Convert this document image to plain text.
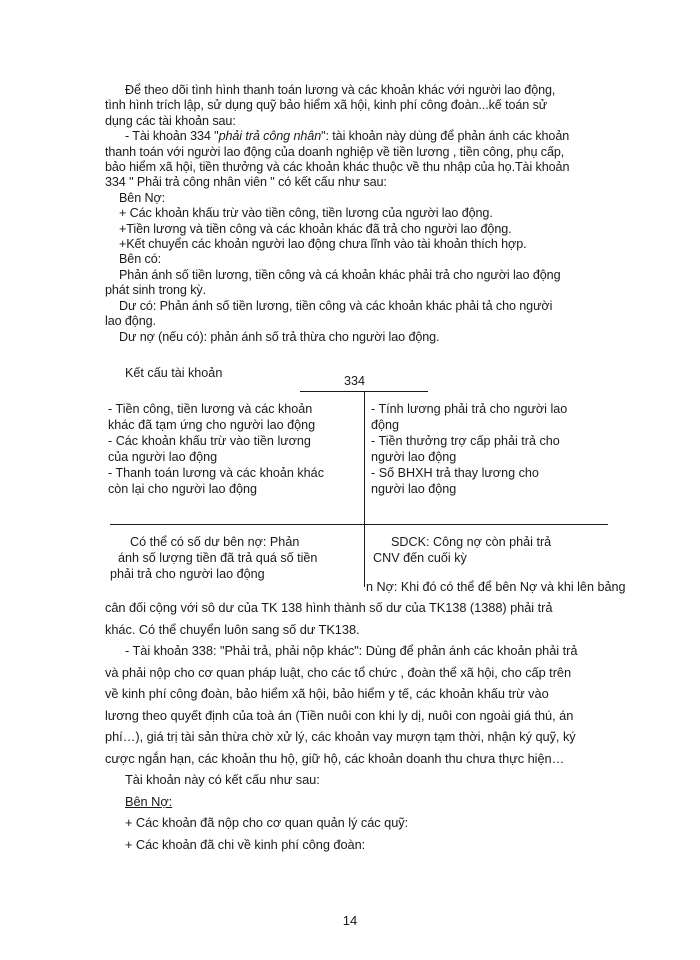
Để theo dõi tình hình thanh toán lương và các khoản khác với người lao động,
tình hình trích lập, sử dụng quỹ bảo hiểm xã hội, kinh phí công đoàn...kế toán sử
dụng các tài khoản sau:
- Tài khoản 334 "phải trả công nhân": tài khoản này dùng để phản ánh các khoản
thanh toán với người lao động của doanh nghiệp về tiền lương , tiền công, phụ cấp,
bảo hiểm xã hội, tiền thưởng và các khoản khác thuộc về thu nhập của họ.Tài khoản
334 " Phải trả công nhân viên " có kết cấu như sau:
Bên Nợ:
+ Các khoản khấu trừ vào tiền công, tiền lương của người lao động.
+Tiền lương và tiền công và các khoản khác đã trả cho người lao động.
+Kết chuyển các khoản người lao động chưa lĩnh vào tài khoản thích hợp.
Bên có:
Phản ánh số tiền lương, tiền công và cá khoản khác phải trả cho người lao động
phát sinh trong kỳ.
Dư có: Phản ánh số tiền lương, tiền công và các khoản khác phải tả cho người
lao động.
Dư nợ (nếu có): phản ánh số trả thừa cho người lao động.
Kết cấu tài khoản
334
- Tiền công, tiền lương và các khoản
khác đã tạm ứng cho người lao động
- Các khoản khấu trừ vào tiền lương
của người lao động
- Thanh toán lương và các khoản khác
còn lại cho người lao động
- Tính lương phải trả cho người lao
động
- Tiền thưởng trợ cấp phải trả cho
người lao động
- Số BHXH trả thay lương cho
người lao động
Có thể có số dư bên nợ: Phản
ánh số lượng tiền đã trả quá số tiền
phải trả cho người lao động
SDCK: Công nợ còn phải trả
CNV đến cuối kỳ
n Nợ: Khi đó có thể để bên Nợ và khi lên bảng
cân đối cộng với sô dư của TK 138 hình thành số dư của TK138 (1388) phải trả
khác. Có thể chuyển luôn sang số dư TK138.
- Tài khoản 338: "Phải trả, phải nộp khác": Dùng để phản ánh các khoản phải trả
và phải nộp cho cơ quan pháp luật, cho các tổ chức , đoàn thể xã hội, cho cấp trên
về kinh phí công đoàn, bảo hiểm xã hội, bảo hiểm y tế, các khoản khấu trừ vào
lương theo quyết định của toà án (Tiền nuôi con khi ly dị, nuôi con ngoài giá thú, án
phí…), giá trị tài sản thừa chờ xử lý, các khoản vay mượn tạm thời, nhận ký quỹ, ký
cược ngắn hạn, các khoản thu hộ, giữ hộ, các khoản doanh thu chưa thực hiện…
Tài khoản này có kết cấu như sau:
Bên Nợ:
+ Các khoản đã nộp cho cơ quan quản lý các quỹ:
+ Các khoản đã chi về kinh phí công đoàn:
14
